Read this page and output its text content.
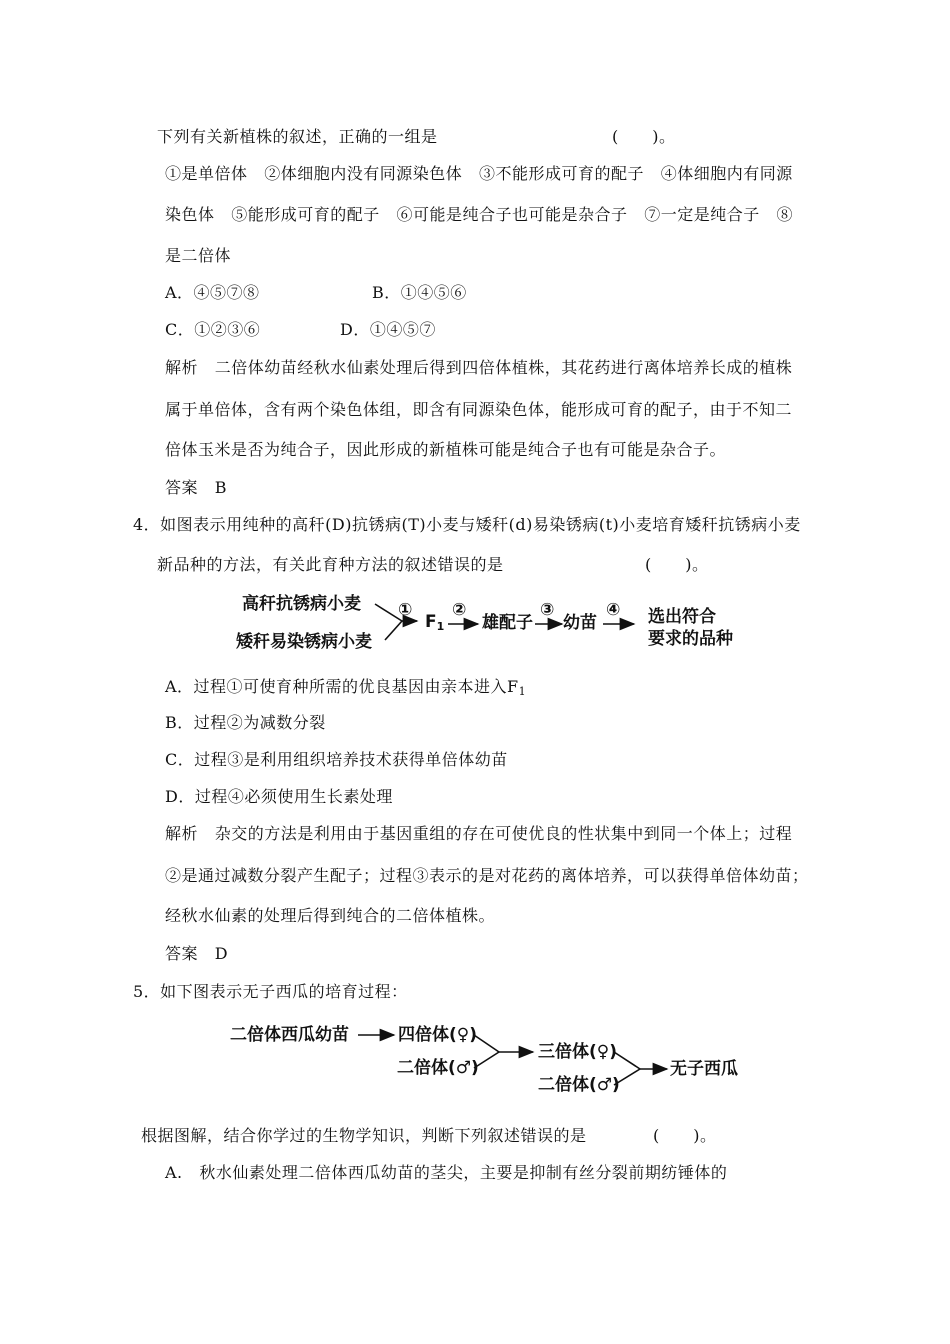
下列有关新植株的叙述，正确的一组是	(      )。
①是单倍体   ②体细胞内没有同源染色体   ③不能形成可育的配子   ④体细胞内有同源
染色体   ⑤能形成可育的配子   ⑥可能是纯合子也可能是杂合子   ⑦一定是纯合子   ⑧
是二倍体
A．④⑤⑦⑧	B．①④⑤⑥
C．①②③⑥	D．①④⑤⑦
解析   二倍体幼苗经秋水仙素处理后得到四倍体植株，其花药进行离体培养长成的植株
属于单倍体，含有两个染色体组，即含有同源染色体，能形成可育的配子，由于不知二
倍体玉米是否为纯合子，因此形成的新植株可能是纯合子也有可能是杂合子。
答案   B
4．如图表示用纯种的高秆(D)抗锈病(T)小麦与矮秆(d)易染锈病(t)小麦培育矮秆抗锈病小麦
新品种的方法，有关此育种方法的叙述错误的是	(      )。
高秆抗锈病小麦
矮秆易染锈病小麦
①
$F_1$
②
雄配子
③
幼苗
④ 选出符合
要求的品种
A．过程①可使育种所需的优良基因由亲本进入$F_1$
B．过程②为减数分裂
C．过程③是利用组织培养技术获得单倍体幼苗
D．过程④必须使用生长素处理
解析   杂交的方法是利用由于基因重组的存在可使优良的性状集中到同一个体上；过程
②是通过减数分裂产生配子；过程③表示的是对花药的离体培养，可以获得单倍体幼苗；
经秋水仙素的处理后得到纯合的二倍体植株。
答案   D
5．如下图表示无子西瓜的培育过程：
二倍体西瓜幼苗	四倍体(♀)
二倍体(♂)
三倍体(♀)
二倍体(♂)
无子西瓜
根据图解，结合你学过的生物学知识，判断下列叙述错误的是	(      )。
A.   秋水仙素处理二倍体西瓜幼苗的茎尖，主要是抑制有丝分裂前期纺锤体的
